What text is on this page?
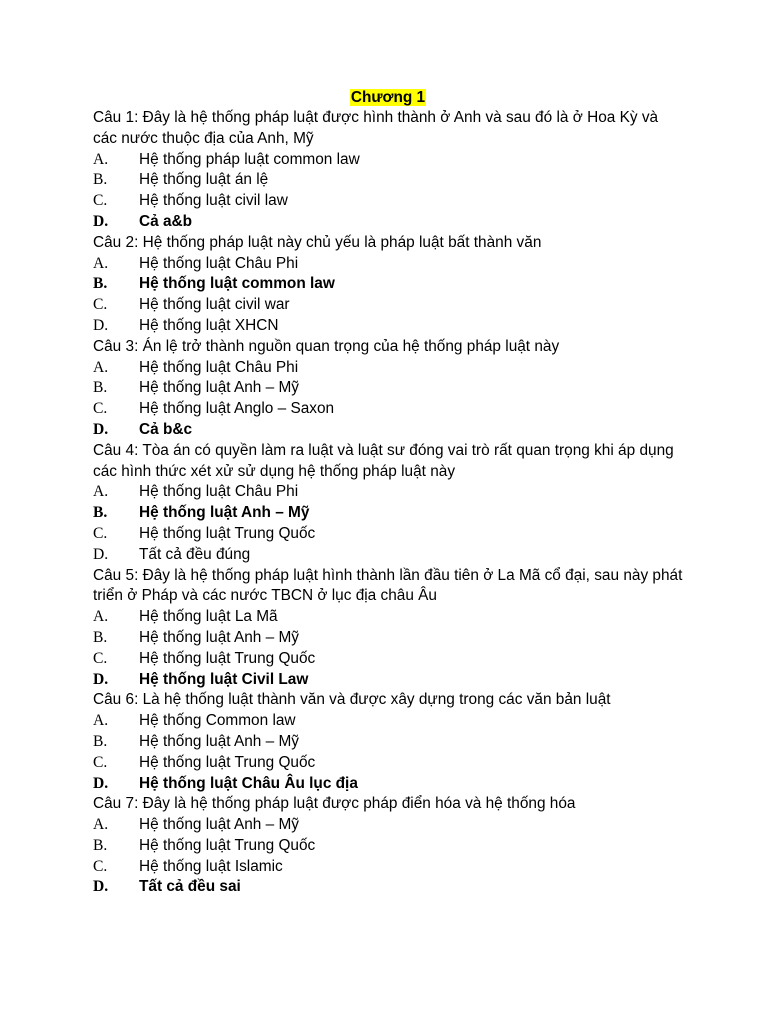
Chương 1
Câu 1: Đây là hệ thống pháp luật được hình thành ở Anh và sau đó là ở Hoa Kỳ và các nước thuộc địa của Anh, Mỹ
A.	Hệ thống pháp luật common law
B.	Hệ thống luật án lệ
C.	Hệ thống luật civil law
D.	Cả a&b
Câu 2: Hệ thống pháp luật này chủ yếu là pháp luật bất thành văn
A.	Hệ thống luật Châu Phi
B.	Hệ thống luật common law
C.	Hệ thống luật civil war
D.	Hệ thống luật XHCN
Câu 3: Án lệ trở thành nguồn quan trọng của hệ thống pháp luật này
A.	Hệ thống luật Châu Phi
B.	Hệ thống luật Anh – Mỹ
C.	Hệ thống luật Anglo – Saxon
D.	Cả b&c
Câu 4: Tòa án có quyền làm ra luật và luật sư đóng vai trò rất quan trọng khi áp dụng các hình thức xét xử sử dụng hệ thống pháp luật này
A.	Hệ thống luật Châu Phi
B.	Hệ thống luật Anh – Mỹ
C.	Hệ thống luật Trung Quốc
D.	Tất cả đều đúng
Câu 5: Đây là hệ thống pháp luật hình thành lần đầu tiên ở La Mã cổ đại, sau này phát triển ở Pháp và các nước TBCN ở lục địa châu Âu
A.	Hệ thống luật La Mã
B.	Hệ thống luật Anh – Mỹ
C.	Hệ thống luật Trung Quốc
D.	Hệ thống luật Civil Law
Câu 6: Là hệ thống luật thành văn và được xây dựng trong các văn bản luật
A.	Hệ thống Common law
B.	Hệ thống luật Anh – Mỹ
C.	Hệ thống luật Trung Quốc
D.	Hệ thống luật Châu Âu lục địa
Câu 7: Đây là hệ thống pháp luật được pháp điển hóa và hệ thống hóa
A.	Hệ thống luật Anh – Mỹ
B.	Hệ thống luật Trung Quốc
C.	Hệ thống luật Islamic
D.	Tất cả đều sai
